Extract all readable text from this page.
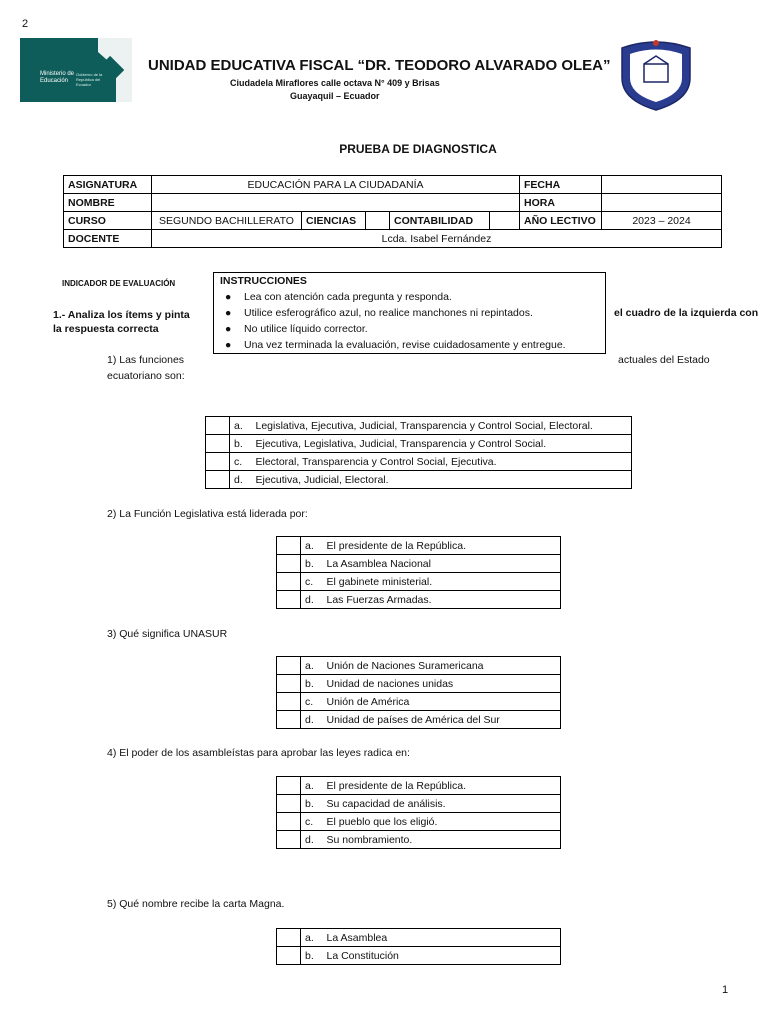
2
Ministerio de Educación
Gobierno de la República del Ecuador
UNIDAD EDUCATIVA FISCAL “DR. TEODORO ALVARADO OLEA”
Ciudadela Miraflores calle octava N° 409 y Brisas
Guayaquil – Ecuador
PRUEBA DE DIAGNOSTICA
ASIGNATURA	EDUCACIÓN PARA LA CIUDADANÍA					FECHA	
NOMBRE						HORA	
CURSO	SEGUNDO BACHILLERATO	CIENCIAS		CONTABILIDAD		AÑO LECTIVO	2023 – 2024
DOCENTE	Lcda. Isabel Fernández						
INDICADOR DE EVALUACIÓN	INSTRUCCIONES
● Lea con atención cada pregunta y responda.
● Utilice esferográfico azul, no realice manchones ni repintados.
● No utilice líquido corrector.
● Una vez terminada la evaluación, revise cuidadosamente y entregue.
1.- Analiza los ítems y pinta
la respuesta correcta
el cuadro de la izquierda con
1) Las funciones
ecuatoriano son:
actuales del Estado
	a.	Legislativa, Ejecutiva, Judicial, Transparencia y Control Social, Electoral.
	b.	Ejecutiva, Legislativa, Judicial, Transparencia y Control Social.
	c.	Electoral, Transparencia y Control Social, Ejecutiva.
	d.	Ejecutiva, Judicial, Electoral.
2) La Función Legislativa está liderada por:
	a.	El presidente de la República.
	b.	La Asamblea Nacional
	c.	El gabinete ministerial.
	d.	Las Fuerzas Armadas.
3) Qué significa UNASUR
	a.	Unión de Naciones Suramericana
	b.	Unidad de naciones unidas
	c.	Unión de América
	d.	Unidad de países de América del Sur
4) El poder de los asambleístas para aprobar las leyes radica en:
	a.	El presidente de la República.
	b.	Su capacidad de análisis.
	c.	El pueblo que los eligió.
	d.	Su nombramiento.
5) Qué nombre recibe la carta Magna.
	a.	La Asamblea
	b.	La Constitución
1
